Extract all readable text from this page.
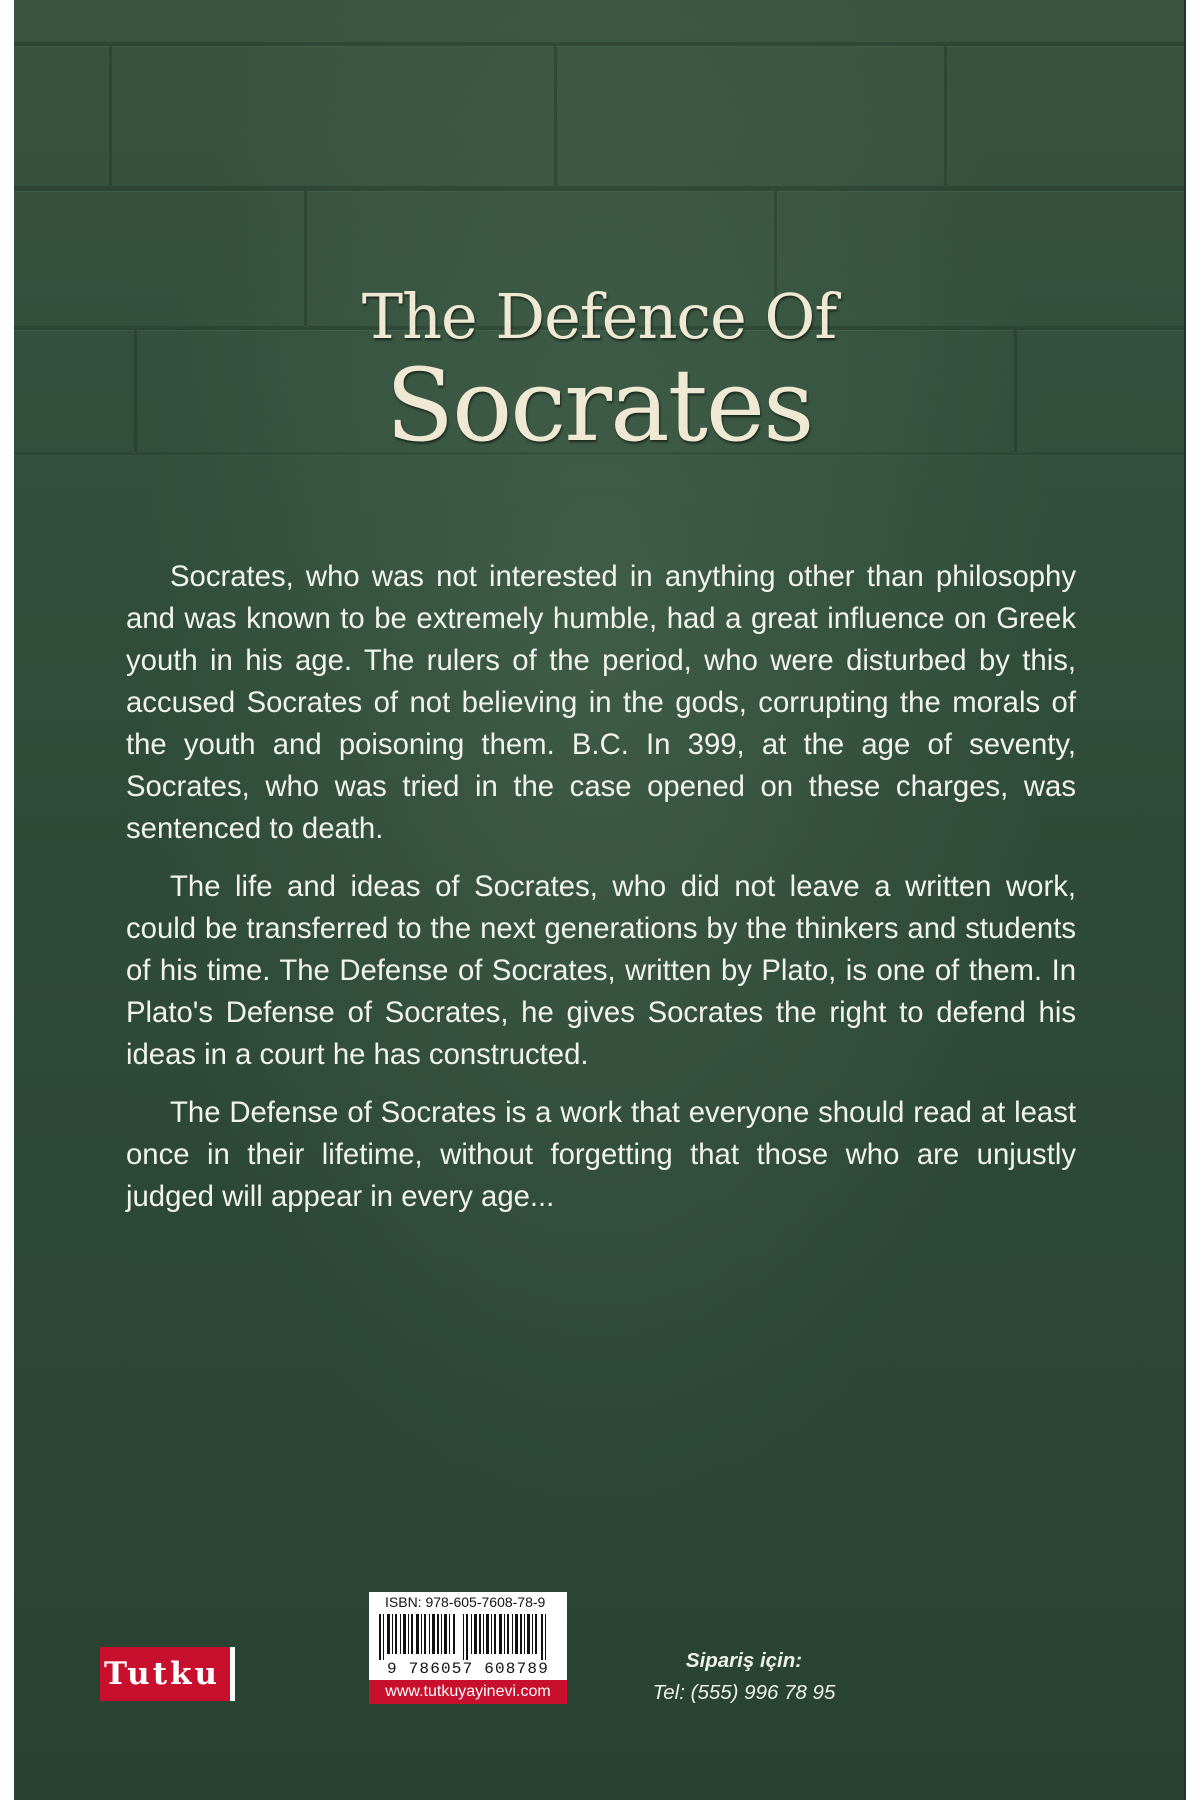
The Defence Of
Socrates

Socrates, who was not interested in anything other than philosophy and was known to be extremely humble, had a great influence on Greek youth in his age. The rulers of the period, who were disturbed by this, accused Socrates of not believing in the gods, corrupting the morals of the youth and poisoning them. B.C. In 399, at the age of seventy, Socrates, who was tried in the case opened on these charges, was sentenced to death.

The life and ideas of Socrates, who did not leave a written work, could be transferred to the next generations by the thinkers and students of his time. The Defense of Socrates, written by Plato, is one of them. In Plato's Defense of Socrates, he gives Socrates the right to defend his ideas in a court he has constructed.

The Defense of Socrates is a work that everyone should read at least once in their lifetime, without forgetting that those who are unjustly judged will appear in every age...

Tutku
ISBN: 978-605-7608-78-9
9 786057 608789
www.tutkuyayinevi.com
Sipariş için:
Tel: (555) 996 78 95
